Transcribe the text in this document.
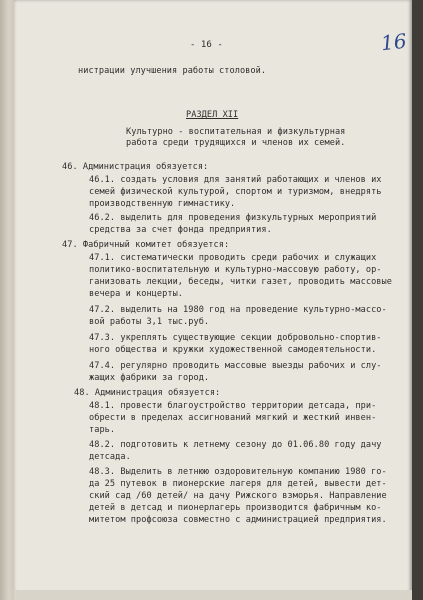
- 16 -	16
нистрации улучшения работы столовой.
РАЗДЕЛ XII
Культурно - воспитательная и физкультурная
работа среди трудящихся и членов их семей.
46. Администрация обязуется:
46.1. создать условия для занятий работающих и членов их
семей физической культурой, спортом и туризмом, внедрять
производственную гимнастику.
46.2. выделить для проведения физкультурных мероприятий
средства за счет фонда предприятия.
47. Фабричный комитет обязуется:
47.1. систематически проводить среди рабочих и служащих
политико-воспитательную и культурно-массовую работу, ор-
ганизовать лекции, беседы, читки газет, проводить массовые
вечера и концерты.
47.2. выделить на 1980 год на проведение культурно-массо-
вой работы 3,1 тыс.руб.
47.3. укреплять существующие секции добровольно-спортив-
ного общества и кружки художественной самодеятельности.
47.4. регулярно проводить массовые выезды рабочих и слу-
жащих фабрики за город.
48. Администрация обязуется:
48.1. провести благоустройство территории детсада, при-
обрести в пределах ассигнований мягкий и жесткий инвен-
тарь.
48.2. подготовить к летнему сезону до 01.06.80 году дачу
детсада.
48.3. Выделить в летнюю оздоровительную компанию 1980 го-
да 25 путевок в пионерские лагеря для детей, вывести дет-
ский сад /60 детей/ на дачу Рижского взморья. Направление
детей в детсад и пионерлагерь производится фабричным ко-
митетом профсоюза совместно с администрацией предприятия.
